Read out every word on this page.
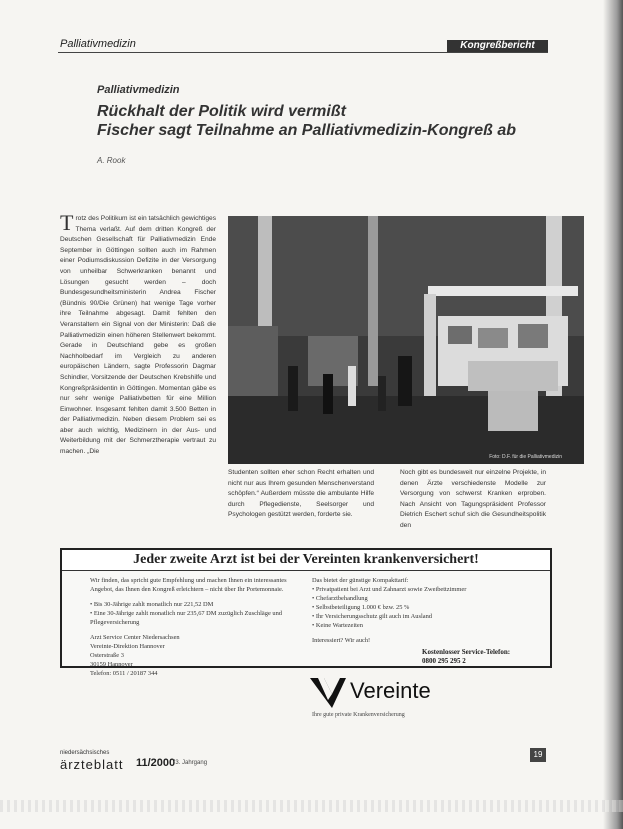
Palliativmedizin	Kongreßbericht
Palliativmedizin
Rückhalt der Politik wird vermißt
Fischer sagt Teilnahme an Palliativmedizin-Kongreß ab
A. Rook
Trotz des Politikum ist ein tatsächlich gewichtiges Thema verlaßt. Auf dem dritten Kongreß der Deutschen Gesellschaft für Palliativmedizin Ende September in Göttingen sollten auch im Rahmen einer Podiumsdiskussion Defizite in der Versorgung von unheilbar Schwerkranken benannt und Lösungen gesucht werden – doch Bundesgesundheitsministerin Andrea Fischer (Bündnis 90/Die Grünen) hat wenige Tage vorher ihre Teilnahme abgesagt. Damit fehlten den Veranstaltern ein Signal von der Ministerin: Daß die Palliativmedizin einen höheren Stellenwert bekommt. Gerade in Deutschland gebe es großen Nachholbedarf im Vergleich zu anderen europäischen Ländern, sagte Professorin Dagmar Schindler, Vorsitzende der Deutschen Krebshilfe und Kongreßpräsidentin in Göttingen. Momentan gäbe es nur sehr wenige Palliativbetten für eine Million Einwohner. Insgesamt fehlten damit 3.500 Betten in der Palliativmedizin. Neben diesem Problem sei es aber auch wichtig, Medizinern in der Aus- und Weiterbildung mit der Schmerztherapie vertraut zu machen. „Die
Foto: D.F. für die Palliativmedizin
Studenten sollten eher schon Recht erhalten und nicht nur aus Ihrem gesunden Menschenverstand schöpfen.“ Außerdem müsste die ambulante Hilfe durch Pflegedienste, Seelsorger und Psychologen gestützt werden, forderte sie.
Noch gibt es bundesweit nur einzelne Projekte, in denen Ärzte verschiedenste Modelle zur Versorgung von schwerst Kranken erproben. Nach Ansicht von Tagungspräsident Professor Dietrich Eschert schuf sich die Gesundheitspolitik den
Jeder zweite Arzt ist bei der Vereinten krankenversichert!
Wir finden, das spricht gute Empfehlung und machen Ihnen ein interessantes Angebot, das Ihnen den Kongreß erleichtern – nicht über Ihr Portemonnaie.
• Bis 30-Jährige zahlt monatlich nur 221,52 DM
• Eine 30-Jährige zahlt monatlich nur 235,67 DM zuzüglich Zuschläge und Pflegeversicherung
Arzt Service Center Niedersachsen
Vereinte-Direktion Hannover
Osterstraße 3
30159 Hannover
Telefon: 0511 / 20187 344
Das bietet der günstige Kompakttarif:
• Privatpatient bei Arzt und Zahnarzt sowie Zweibettzimmer
• Chefarztbehandlung
• Selbstbeteiligung 1.000 € bzw. 25 %
• Ihr Versicherungsschutz gilt auch im Ausland
• Keine Wartezeiten
Interessiert? Wir auch!
Kostenlosser Service-Telefon:
0800 295 295 2
Vereinte
Ihre gute private Krankenversicherung
niedersächsisches
ärzteblatt 11/2000
73. Jahrgang
19
